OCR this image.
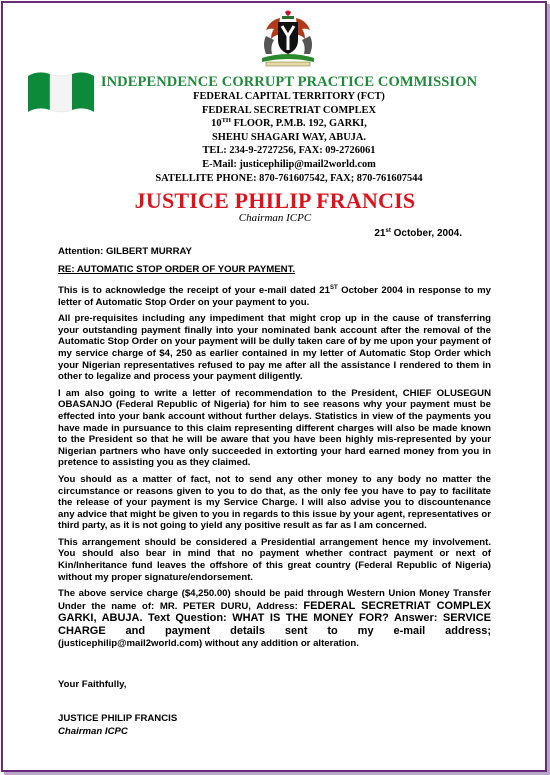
INDEPENDENCE CORRUPT PRACTICE COMMISSION
FEDERAL CAPITAL TERRITORY (FCT)
FEDERAL SECRETRIAT COMPLEX
10TH FLOOR, P.M.B. 192, GARKI,
SHEHU SHAGARI WAY, ABUJA.
TEL: 234-9-2727256, FAX: 09-2726061
E-Mail: justicephilip@mail2world.com
SATELLITE PHONE: 870-761607542, FAX; 870-761607544
JUSTICE PHILIP FRANCIS
Chairman ICPC
21st October, 2004.
Attention: GILBERT MURRAY
RE: AUTOMATIC STOP ORDER OF YOUR PAYMENT.

This is to acknowledge the receipt of your e-mail dated 21ST October 2004 in response to my letter of Automatic Stop Order on your payment to you.

All pre-requisites including any impediment that might crop up in the cause of transferring your outstanding payment finally into your nominated bank account after the removal of the Automatic Stop Order on your payment will be dully taken care of by me upon your payment of my service charge of $4, 250 as earlier contained in my letter of Automatic Stop Order which your Nigerian representatives refused to pay me after all the assistance I rendered to them in other to legalize and process your payment diligently.

I am also going to write a letter of recommendation to the President, CHIEF OLUSEGUN OBASANJO (Federal Republic of Nigeria) for him to see reasons why your payment must be effected into your bank account without further delays. Statistics in view of the payments you have made in pursuance to this claim representing different charges will also be made known to the President so that he will be aware that you have been highly mis-represented by your Nigerian partners who have only succeeded in extorting your hard earned money from you in pretence to assisting you as they claimed.

You should as a matter of fact, not to send any other money to any body no matter the circumstance or reasons given to you to do that, as the only fee you have to pay to facilitate the release of your payment is my Service Charge. I will also advise you to discountenance any advice that might be given to you in regards to this issue by your agent, representatives or third party, as it is not going to yield any positive result as far as I am concerned.

This arrangement should be considered a Presidential arrangement hence my involvement. You should also bear in mind that no payment whether contract payment or next of Kin/Inheritance fund leaves the offshore of this great country (Federal Republic of Nigeria) without my proper signature/endorsement.

The above service charge ($4,250.00) should be paid through Western Union Money Transfer Under the name of: MR. PETER DURU, Address: FEDERAL SECRETRIAT COMPLEX GARKI, ABUJA. Text Question: WHAT IS THE MONEY FOR? Answer: SERVICE CHARGE and payment details sent to my e-mail address; (justicephilip@mail2world.com) without any addition or alteration.

Your Faithfully,
JUSTICE PHILIP FRANCIS
Chairman ICPC
